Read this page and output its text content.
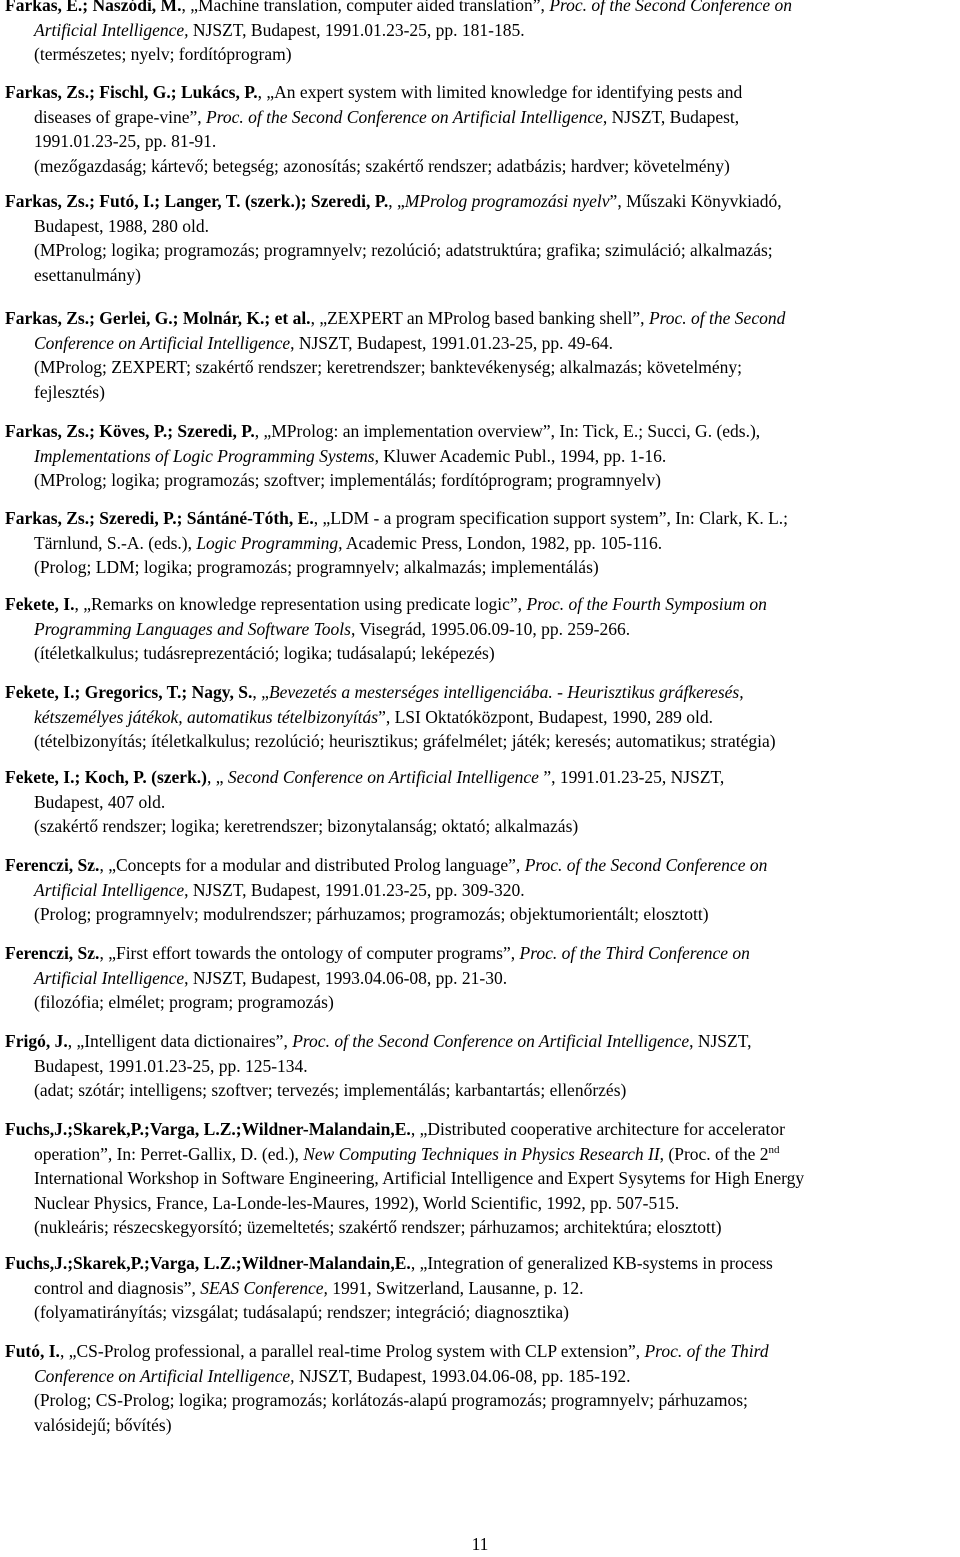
Farkas, E.; Naszódi, M., „Machine translation, computer aided translation”, Proc. of the Second Conference on
Artificial Intelligence, NJSZT, Budapest, 1991.01.23-25, pp. 181-185.
(természetes; nyelv; fordítóprogram)
Farkas, Zs.; Fischl, G.; Lukács, P., „An expert system with limited knowledge for identifying pests and
diseases of grape-vine”, Proc. of the Second Conference on Artificial Intelligence, NJSZT, Budapest,
1991.01.23-25, pp. 81-91.
(mezőgazdaság; kártevő; betegség; azonosítás; szakértő rendszer; adatbázis; hardver; követelmény)
Farkas, Zs.; Futó, I.; Langer, T. (szerk.); Szeredi, P., „MProlog programozási nyelv”, Műszaki Könyvkiadó,
Budapest, 1988, 280 old.
(MProlog; logika; programozás; programnyelv; rezolúció; adatstruktúra; grafika; szimuláció; alkalmazás;
esettanulmány)
Farkas, Zs.; Gerlei, G.; Molnár, K.; et al., „ZEXPERT an MProlog based banking shell”, Proc. of the Second
Conference on Artificial Intelligence, NJSZT, Budapest, 1991.01.23-25, pp. 49-64.
(MProlog; ZEXPERT; szakértő rendszer; keretrendszer; banktevékenység; alkalmazás; követelmény;
fejlesztés)
Farkas, Zs.; Köves, P.; Szeredi, P., „MProlog: an implementation overview”, In: Tick, E.; Succi, G. (eds.),
Implementations of Logic Programming Systems, Kluwer Academic Publ., 1994, pp. 1-16.
(MProlog; logika; programozás; szoftver; implementálás; fordítóprogram; programnyelv)
Farkas, Zs.; Szeredi, P.; Sántáné-Tóth, E., „LDM - a program specification support system”, In: Clark, K. L.;
Tärnlund, S.-A. (eds.), Logic Programming, Academic Press, London, 1982, pp. 105-116.
(Prolog; LDM; logika; programozás; programnyelv; alkalmazás; implementálás)
Fekete, I., „Remarks on knowledge representation using predicate logic”, Proc. of the Fourth Symposium on
Programming Languages and Software Tools, Visegrád, 1995.06.09-10, pp. 259-266.
(ítéletkalkulus; tudásreprezentáció; logika; tudásalapú; leképezés)
Fekete, I.; Gregorics, T.; Nagy, S., „Bevezetés a mesterséges intelligenciába. - Heurisztikus gráfkeresés,
kétszemélyes játékok, automatikus tételbizonyítás”, LSI Oktatóközpont, Budapest, 1990, 289 old.
(tételbizonyítás; ítéletkalkulus; rezolúció; heurisztikus; gráfelmélet; játék; keresés; automatikus; stratégia)
Fekete, I.; Koch, P. (szerk.), „ Second Conference on Artificial Intelligence ”, 1991.01.23-25, NJSZT,
Budapest, 407 old.
(szakértő rendszer; logika; keretrendszer; bizonytalanság; oktató; alkalmazás)
Ferenczi, Sz., „Concepts for a modular and distributed Prolog language”, Proc. of the Second Conference on
Artificial Intelligence, NJSZT, Budapest, 1991.01.23-25, pp. 309-320.
(Prolog; programnyelv; modulrendszer; párhuzamos; programozás; objektumorientált; elosztott)
Ferenczi, Sz., „First effort towards the ontology of computer programs”, Proc. of the Third Conference on
Artificial Intelligence, NJSZT, Budapest, 1993.04.06-08, pp. 21-30.
(filozófia; elmélet; program; programozás)
Frigó, J., „Intelligent data dictionaires”, Proc. of the Second Conference on Artificial Intelligence, NJSZT,
Budapest, 1991.01.23-25, pp. 125-134.
(adat; szótár; intelligens; szoftver; tervezés; implementálás; karbantartás; ellenőrzés)
Fuchs,J.;Skarek,P.;Varga, L.Z.;Wildner-Malandain,E., „Distributed cooperative architecture for accelerator
operation”, In: Perret-Gallix, D. (ed.), New Computing Techniques in Physics Research II, (Proc. of the 2nd
International Workshop in Software Engineering, Artificial Intelligence and Expert Sysytems for High Energy
Nuclear Physics, France, La-Londe-les-Maures, 1992), World Scientific, 1992, pp. 507-515.
(nukleáris; részecskegyorsító; üzemeltetés; szakértő rendszer; párhuzamos; architektúra; elosztott)
Fuchs,J.;Skarek,P.;Varga, L.Z.;Wildner-Malandain,E., „Integration of generalized KB-systems in process
control and diagnosis”, SEAS Conference, 1991, Switzerland, Lausanne, p. 12.
(folyamatirányítás; vizsgálat; tudásalapú; rendszer; integráció; diagnosztika)
Futó, I., „CS-Prolog professional, a parallel real-time Prolog system with CLP extension”, Proc. of the Third
Conference on Artificial Intelligence, NJSZT, Budapest, 1993.04.06-08, pp. 185-192.
(Prolog; CS-Prolog; logika; programozás; korlátozás-alapú programozás; programnyelv; párhuzamos;
valósidejű; bővítés)
11
